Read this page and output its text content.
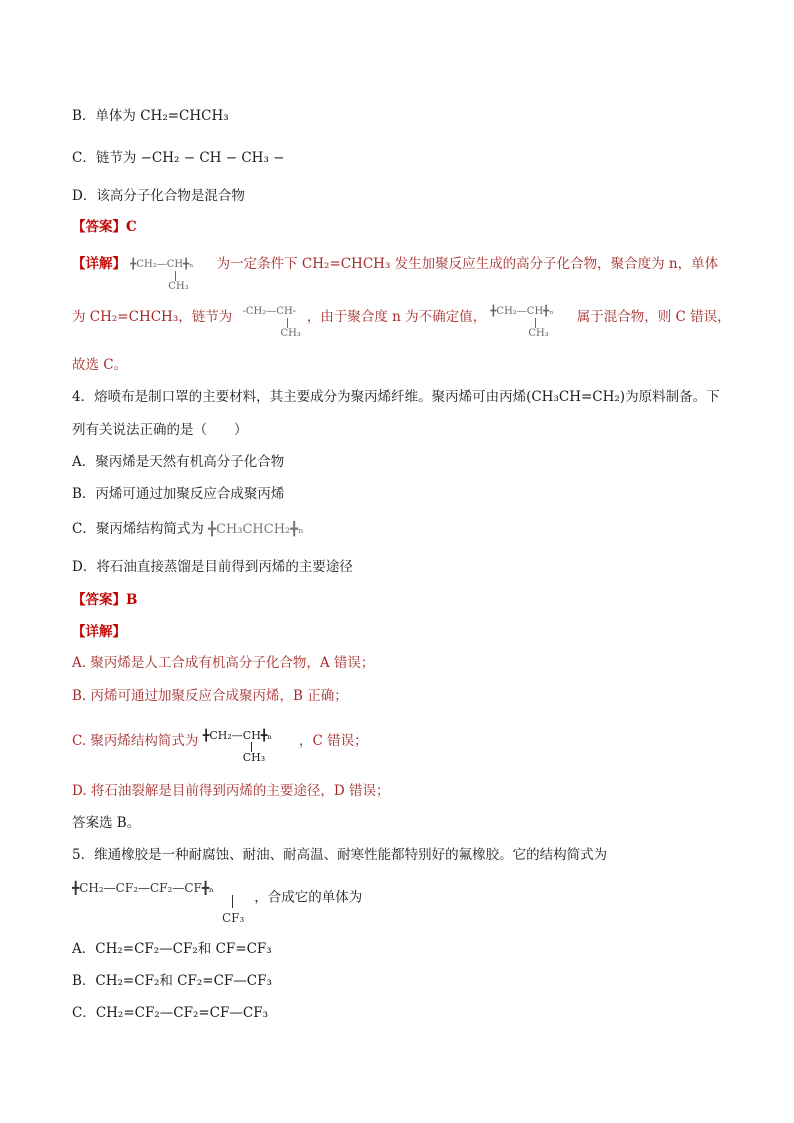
B．单体为 CH₂=CHCH₃
C．链节为 −CH₂ − CH − CH₃ −
D．该高分子化合物是混合物
【答案】C
【详解】 ╋CH₂—CH╋ₙ
CH₃
为一定条件下 CH₂=CHCH₃ 发生加聚反应生成的高分子化合物，聚合度为 n，单体
为 CH₂=CHCH₃，链节为 -CH₂—CH-
CH₃
，由于聚合度 n 为不确定值， ╋CH₂—CH╋ₙ
CH₃
属于混合物，则 C 错误，
故选 C。
4．熔喷布是制口罩的主要材料，其主要成分为聚丙烯纤维。聚丙烯可由丙烯(CH₃CH=CH₂)为原料制备。下
列有关说法正确的是（　　）
A．聚丙烯是天然有机高分子化合物
B．丙烯可通过加聚反应合成聚丙烯
C．聚丙烯结构简式为 ╋CH₃CHCH₂╋ₙ
D．将石油直接蒸馏是目前得到丙烯的主要途径
【答案】B
【详解】
A. 聚丙烯是人工合成有机高分子化合物，A 错误；
B. 丙烯可通过加聚反应合成聚丙烯，B 正确；
C. 聚丙烯结构简式为 ╋CH₂—CH╋ₙ
CH₃
，C 错误；
D. 将石油裂解是目前得到丙烯的主要途径，D 错误；
答案选 B。
5．维通橡胶是一种耐腐蚀、耐油、耐高温、耐寒性能都特别好的氟橡胶。它的结构简式为
╋CH₂—CF₂—CF₂—CF╋ₙ
CF₃
，合成它的单体为
A．CH₂=CF₂—CF₂和 CF=CF₃
B．CH₂=CF₂和 CF₂=CF—CF₃
C．CH₂=CF₂—CF₂=CF—CF₃
